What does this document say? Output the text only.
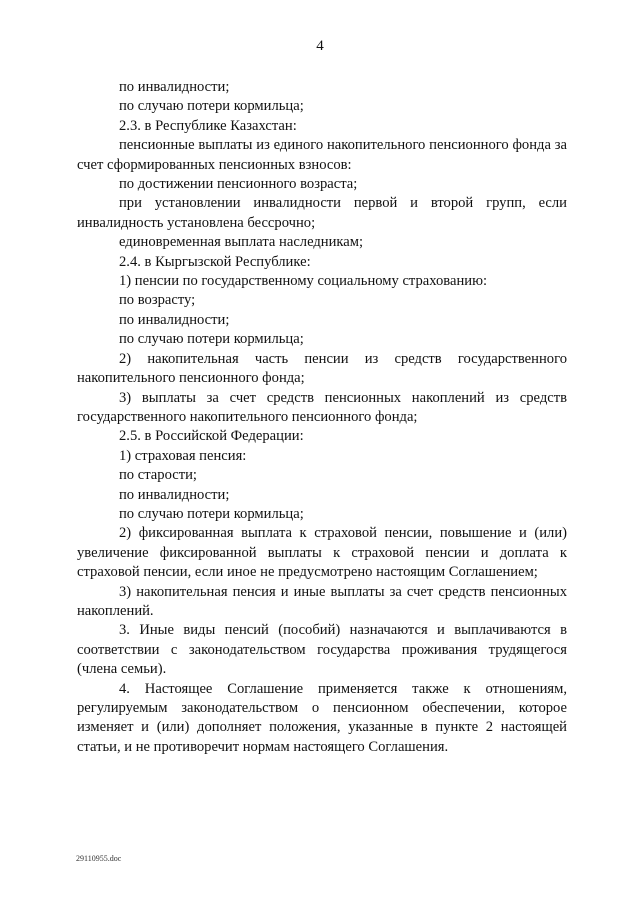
4

по инвалидности;

по случаю потери кормильца;

2.3. в Республике Казахстан:

пенсионные выплаты из единого накопительного пенсионного фонда за счет сформированных пенсионных взносов:

по достижении пенсионного возраста;

при установлении инвалидности первой и второй групп, если инвалидность установлена бессрочно;

единовременная выплата наследникам;

2.4. в Кыргызской Республике:

1) пенсии по государственному социальному страхованию:

по возрасту;

по инвалидности;

по случаю потери кормильца;

2) накопительная часть пенсии из средств государственного накопительного пенсионного фонда;

3) выплаты за счет средств пенсионных накоплений из средств государственного накопительного пенсионного фонда;

2.5. в Российской Федерации:

1) страховая пенсия:

по старости;

по инвалидности;

по случаю потери кормильца;

2) фиксированная выплата к страховой пенсии, повышение и (или) увеличение фиксированной выплаты к страховой пенсии и доплата к страховой пенсии, если иное не предусмотрено настоящим Соглашением;

3) накопительная пенсия и иные выплаты за счет средств пенсионных накоплений.

3. Иные виды пенсий (пособий) назначаются и выплачиваются в соответствии с законодательством государства проживания трудящегося (члена семьи).

4. Настоящее Соглашение применяется также к отношениям, регулируемым законодательством о пенсионном обеспечении, которое изменяет и (или) дополняет положения, указанные в пункте 2 настоящей статьи, и не противоречит нормам настоящего Соглашения.

29110955.doc
